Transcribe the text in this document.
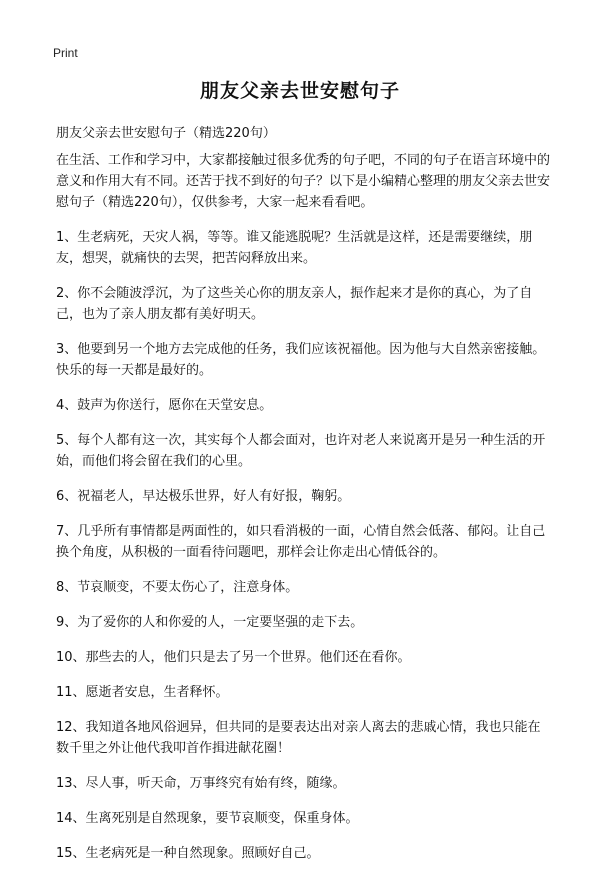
Print
朋友父亲去世安慰句子
朋友父亲去世安慰句子（精选220句）

在生活、工作和学习中，大家都接触过很多优秀的句子吧，不同的句子在语言环境中的意义和作用大有不同。还苦于找不到好的句子？以下是小编精心整理的朋友父亲去世安慰句子（精选220句），仅供参考，大家一起来看看吧。

1、生老病死，天灾人祸，等等。谁又能逃脱呢？生活就是这样，还是需要继续，朋友，想哭，就痛快的去哭，把苦闷释放出来。

2、你不会随波浮沉，为了这些关心你的朋友亲人，振作起来才是你的真心，为了自己，也为了亲人朋友都有美好明天。

3、他要到另一个地方去完成他的任务，我们应该祝福他。因为他与大自然亲密接触。快乐的每一天都是最好的。

4、鼓声为你送行，愿你在天堂安息。

5、每个人都有这一次，其实每个人都会面对，也许对老人来说离开是另一种生活的开始，而他们将会留在我们的心里。

6、祝福老人，早达极乐世界，好人有好报，鞠躬。

7、几乎所有事情都是两面性的，如只看消极的一面，心情自然会低落、郁闷。让自己换个角度，从积极的一面看待问题吧，那样会让你走出心情低谷的。

8、节哀顺变，不要太伤心了，注意身体。

9、为了爱你的人和你爱的人，一定要坚强的走下去。

10、那些去的人，他们只是去了另一个世界。他们还在看你。

11、愿逝者安息，生者释怀。

12、我知道各地风俗迥异，但共同的是要表达出对亲人离去的悲戚心情，我也只能在数千里之外让他代我叩首作揖进献花圈！

13、尽人事，听天命，万事终究有始有终，随缘。

14、生离死别是自然现象，要节哀顺变，保重身体。

15、生老病死是一种自然现象。照顾好自己。
